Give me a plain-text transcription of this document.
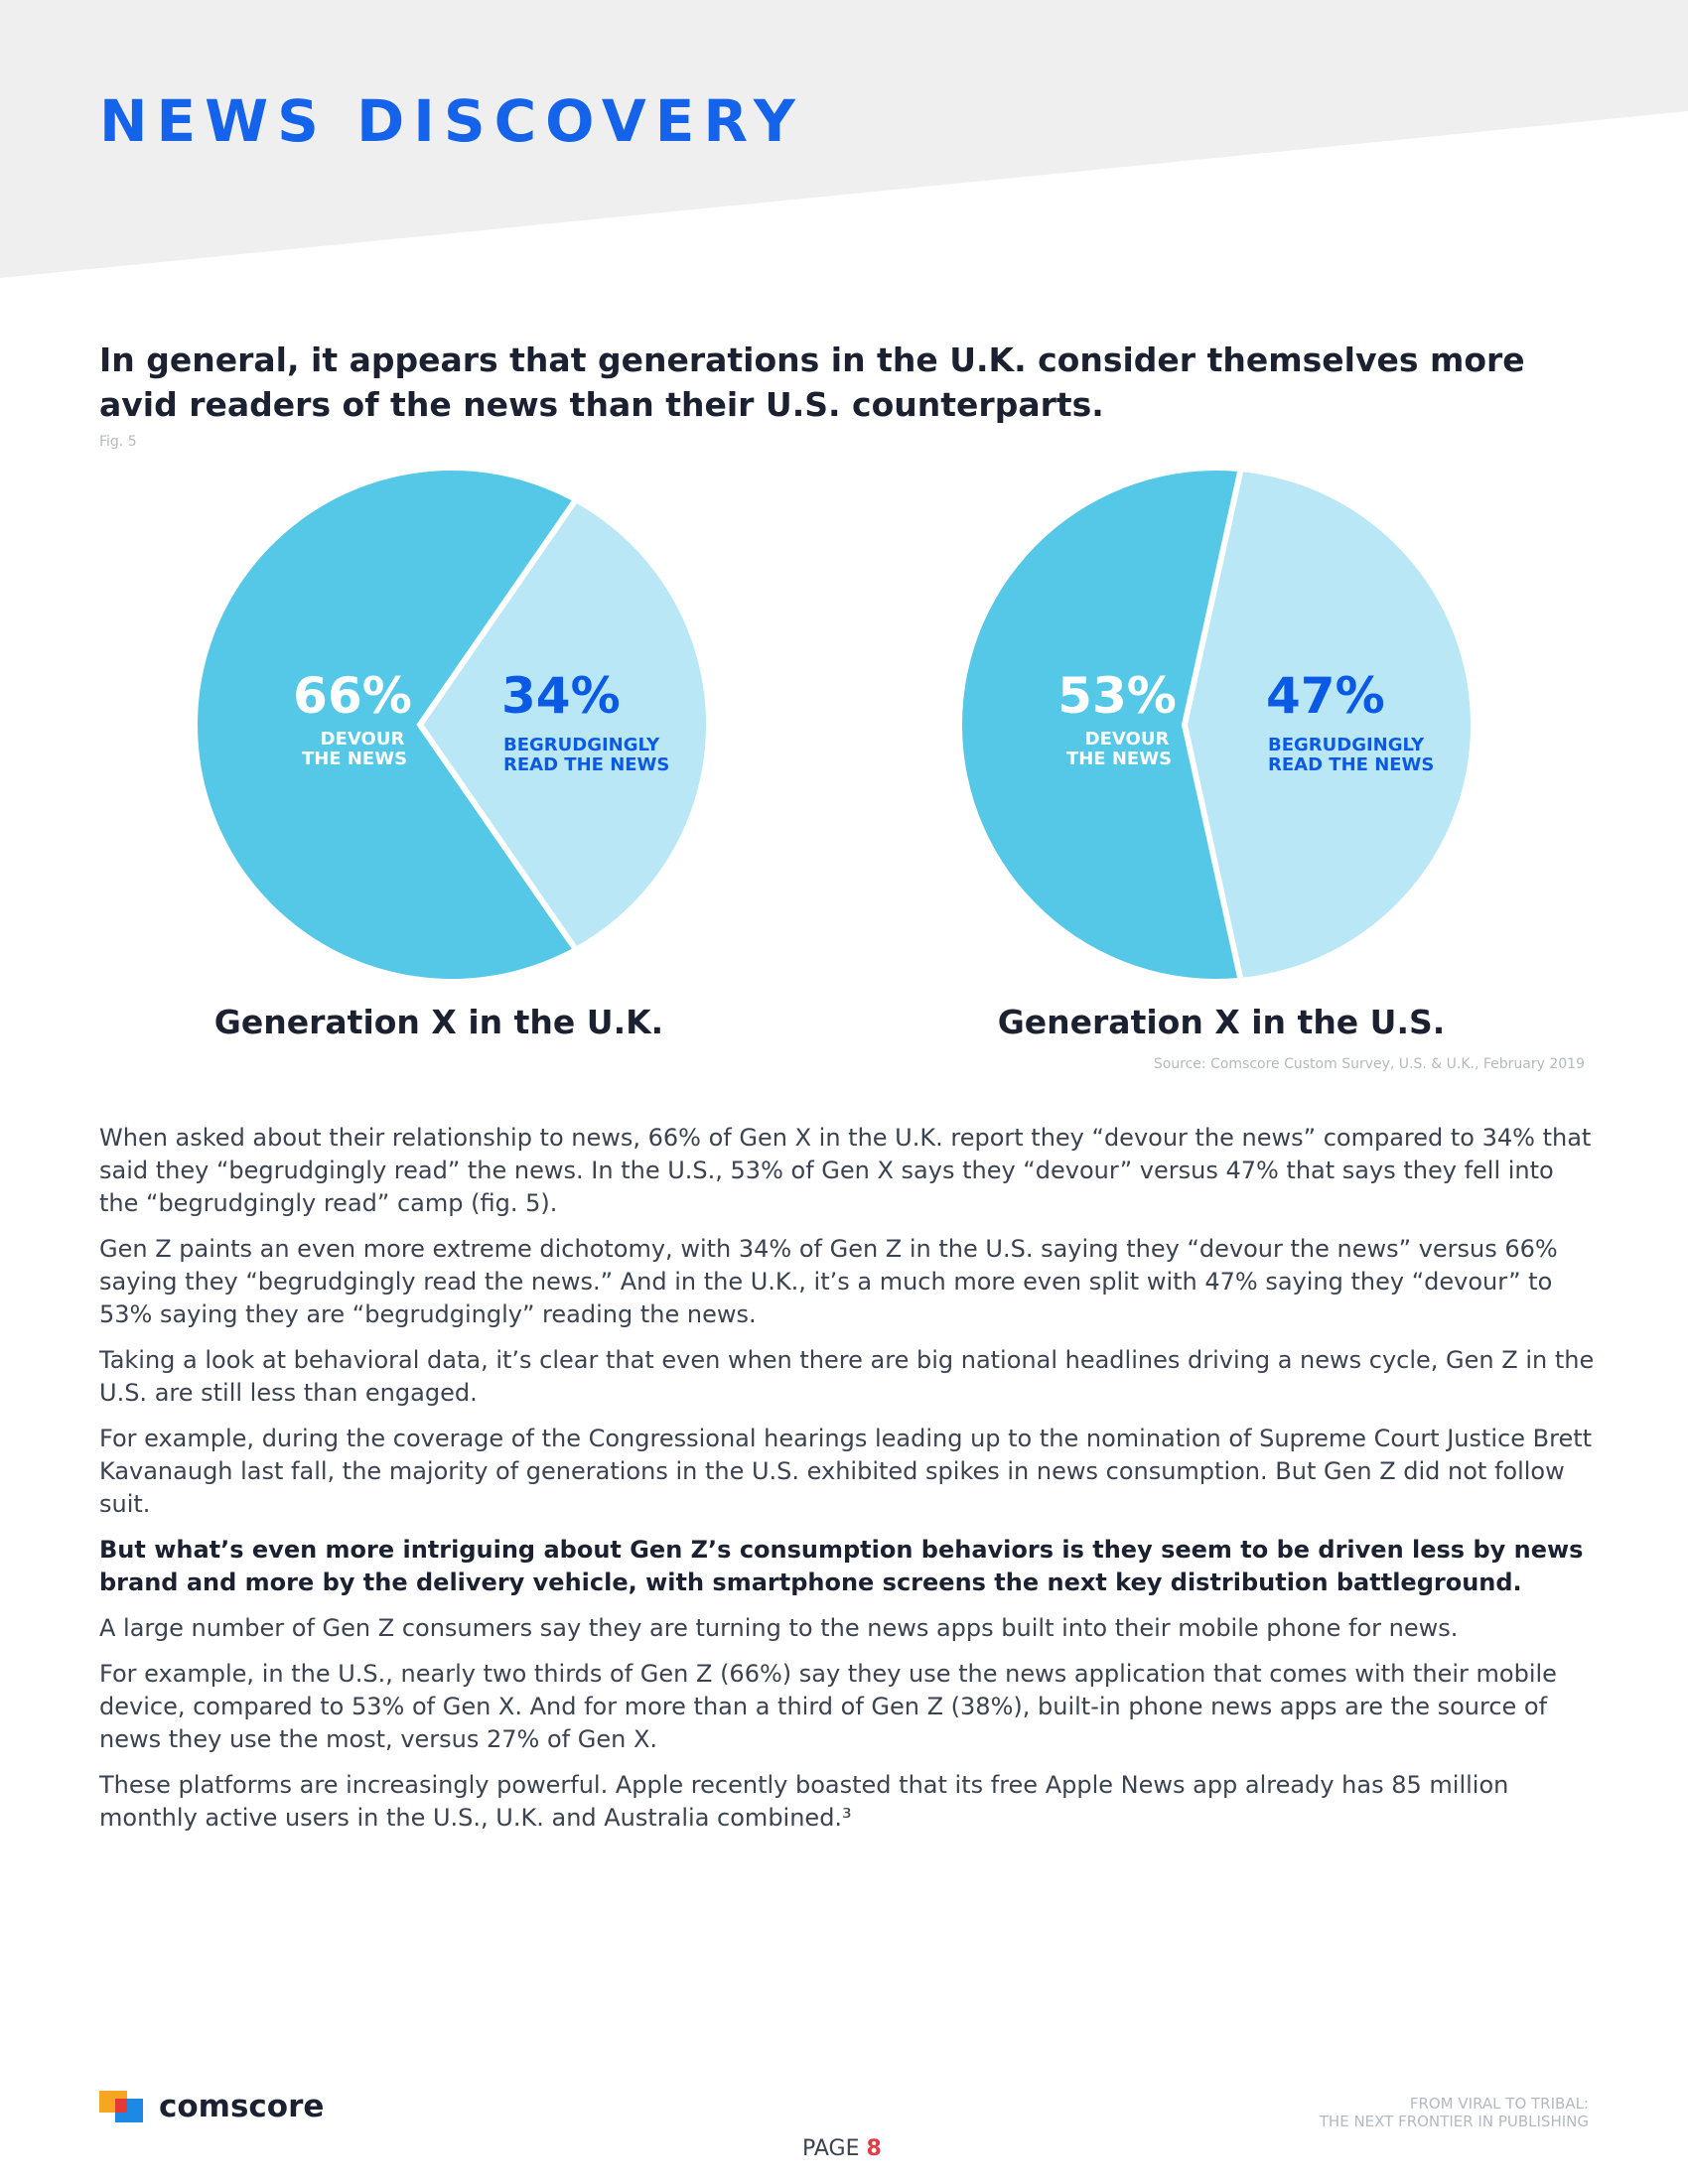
NEWS DISCOVERY
In general, it appears that generations in the U.K. consider themselves more avid readers of the news than their U.S. counterparts.
Fig. 5
66%
DEVOUR
THE NEWS
34%
BEGRUDGINGLY
READ THE NEWS
53%
DEVOUR
THE NEWS
47%
BEGRUDGINGLY
READ THE NEWS
Generation X in the U.K.	Generation X in the U.S.
Source: Comscore Custom Survey, U.S. & U.K., February 2019

When asked about their relationship to news, 66% of Gen X in the U.K. report they “devour the news” compared to 34% that said they “begrudgingly read” the news. In the U.S., 53% of Gen X says they “devour” versus 47% that says they fell into the “begrudgingly read” camp (fig. 5).

Gen Z paints an even more extreme dichotomy, with 34% of Gen Z in the U.S. saying they “devour the news” versus 66% saying they “begrudgingly read the news.” And in the U.K., it’s a much more even split with 47% saying they “devour” to 53% saying they are “begrudgingly” reading the news.

Taking a look at behavioral data, it’s clear that even when there are big national headlines driving a news cycle, Gen Z in the U.S. are still less than engaged.

For example, during the coverage of the Congressional hearings leading up to the nomination of Supreme Court Justice Brett Kavanaugh last fall, the majority of generations in the U.S. exhibited spikes in news consumption. But Gen Z did not follow suit.

But what’s even more intriguing about Gen Z’s consumption behaviors is they seem to be driven less by news brand and more by the delivery vehicle, with smartphone screens the next key distribution battleground.

A large number of Gen Z consumers say they are turning to the news apps built into their mobile phone for news.

For example, in the U.S., nearly two thirds of Gen Z (66%) say they use the news application that comes with their mobile device, compared to 53% of Gen X. And for more than a third of Gen Z (38%), built-in phone news apps are the source of news they use the most, versus 27% of Gen X.

These platforms are increasingly powerful. Apple recently boasted that its free Apple News app already has 85 million monthly active users in the U.S., U.K. and Australia combined.³

comscore
PAGE 8
FROM VIRAL TO TRIBAL:
THE NEXT FRONTIER IN PUBLISHING
